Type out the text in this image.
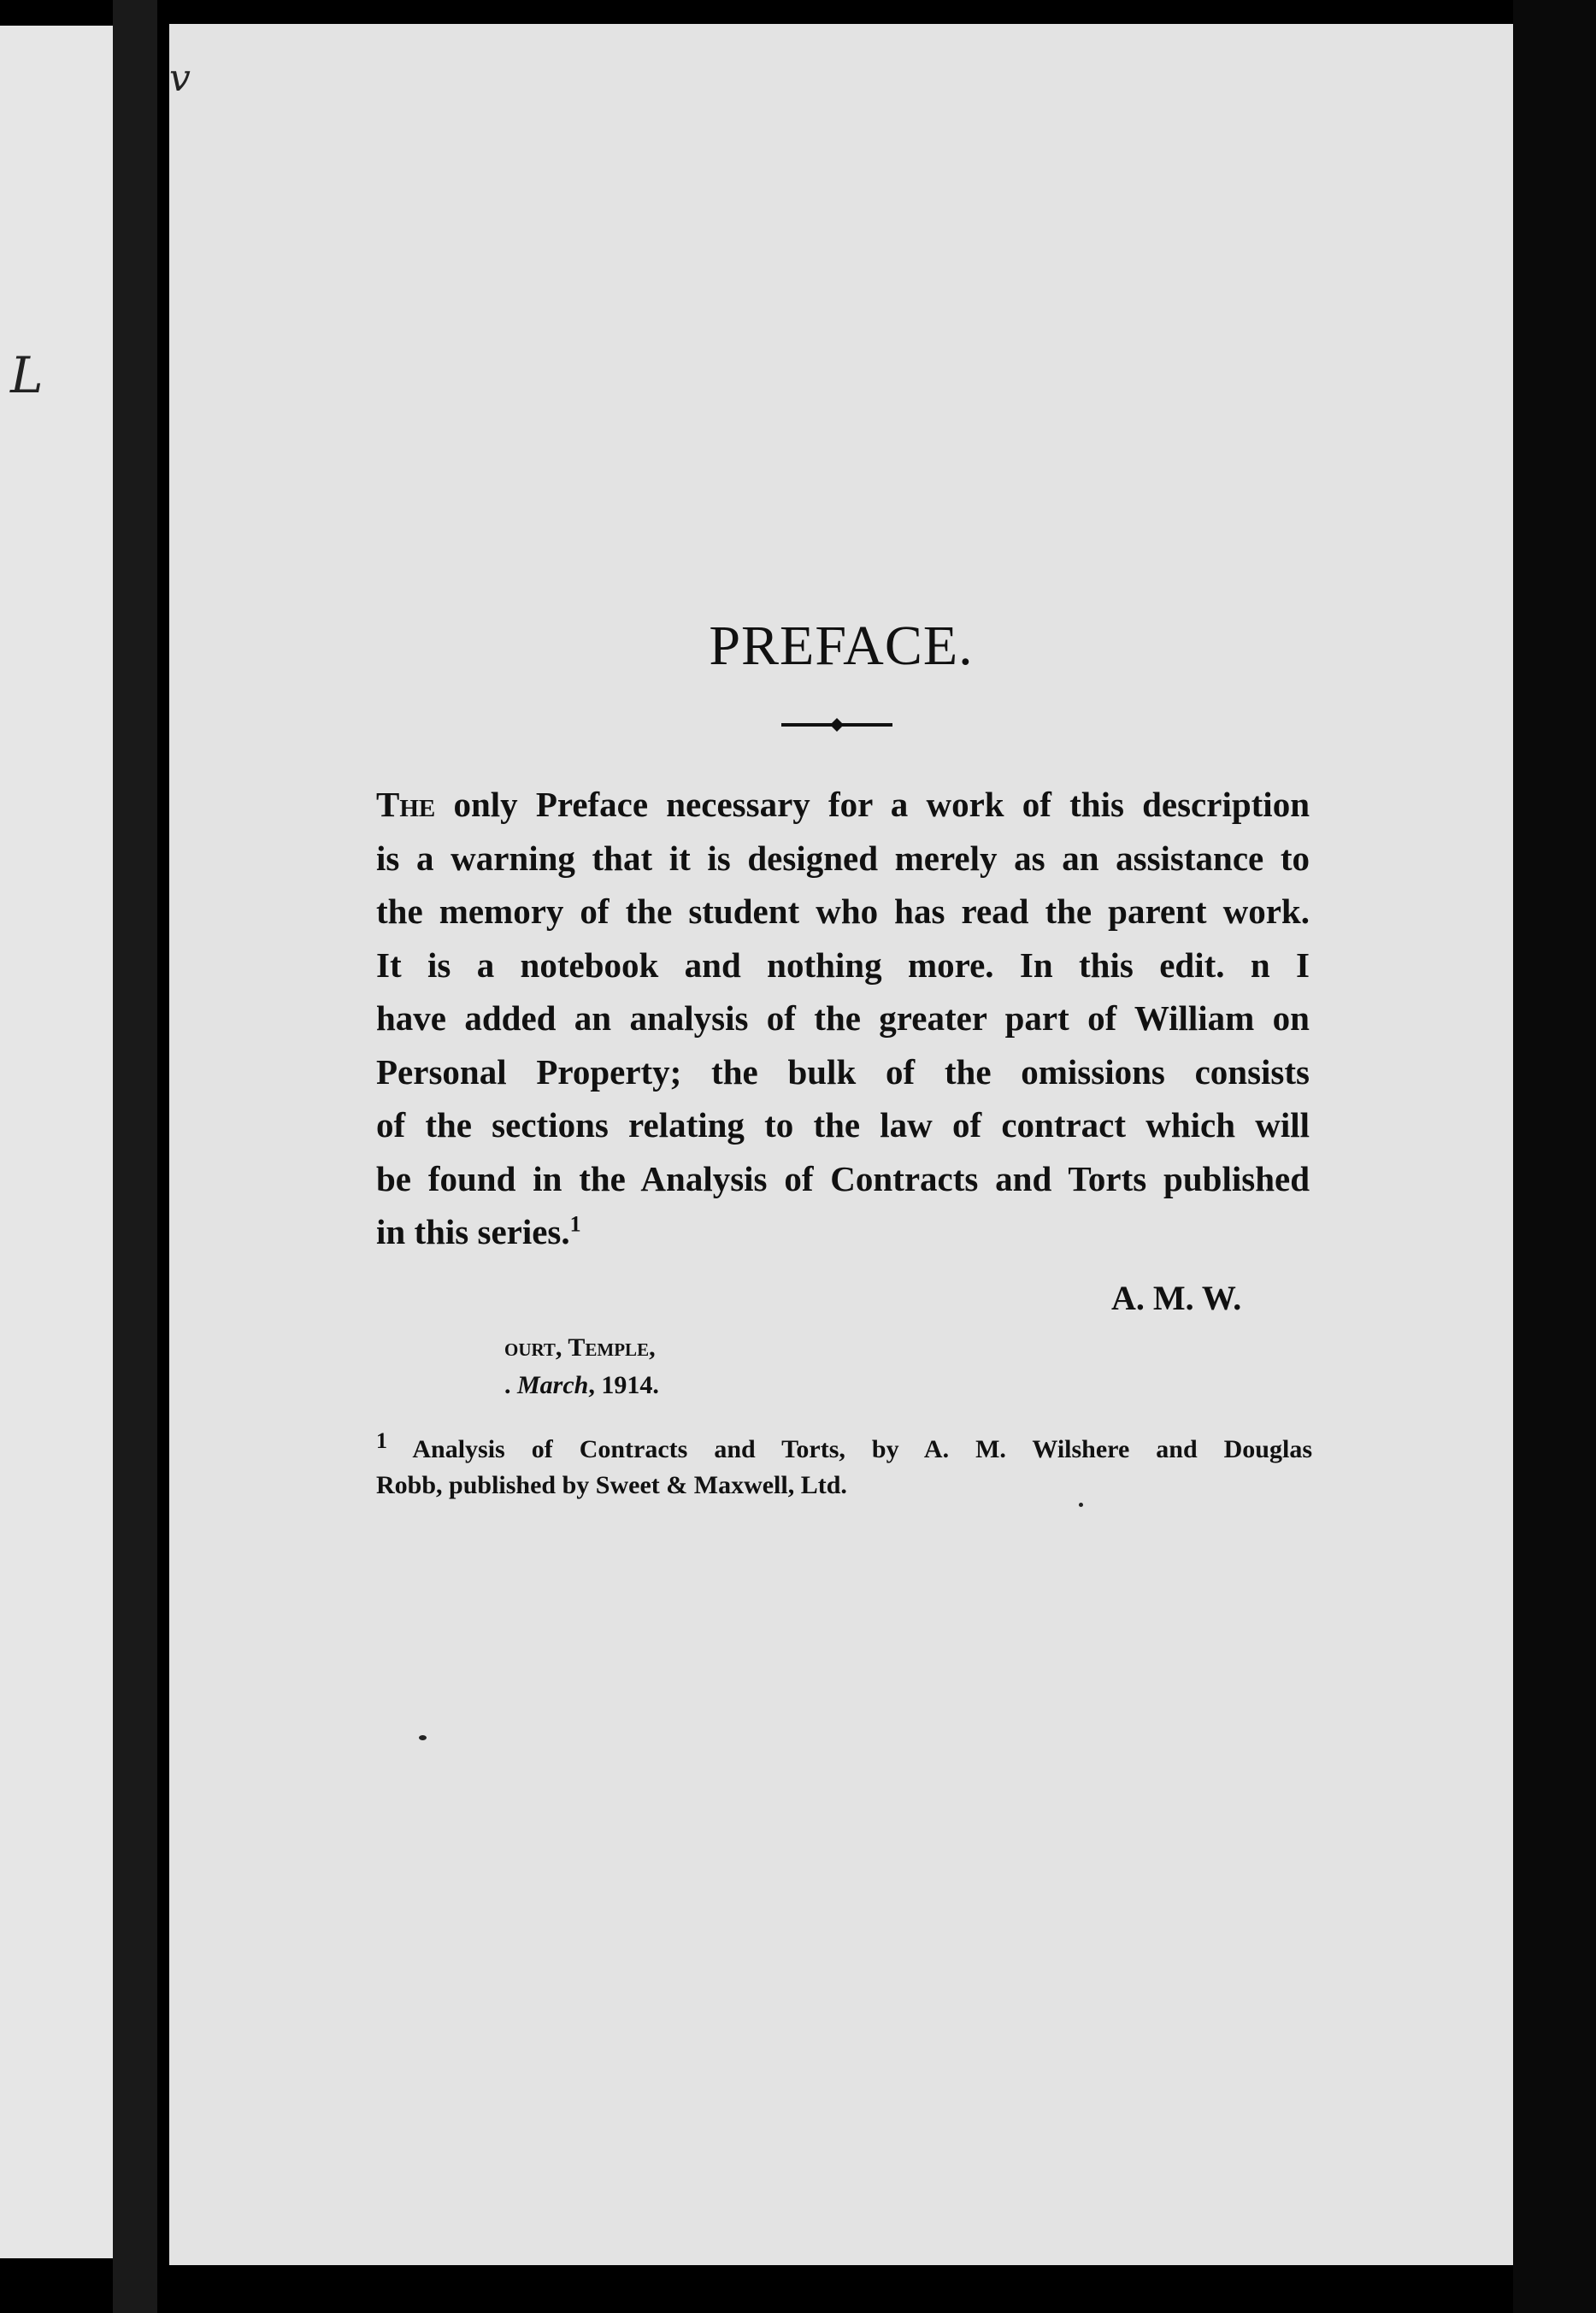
v
L
PREFACE.
The only Preface necessary for a work of this description
is a warning that it is designed merely as an assistance to
the memory of the student who has read the parent work.
It is a notebook and nothing more. In this edit. n I
have added an analysis of the greater part of William on
Personal Property; the bulk of the omissions consists
of the sections relating to the law of contract which will
be found in the Analysis of Contracts and Torts published
in this series.$^1$
A. M. W.
ourt, Temple,
. March, 1914.
$^1$ Analysis of Contracts and Torts, by A. M. Wilshere and Douglas
Robb, published by Sweet & Maxwell, Ltd.
